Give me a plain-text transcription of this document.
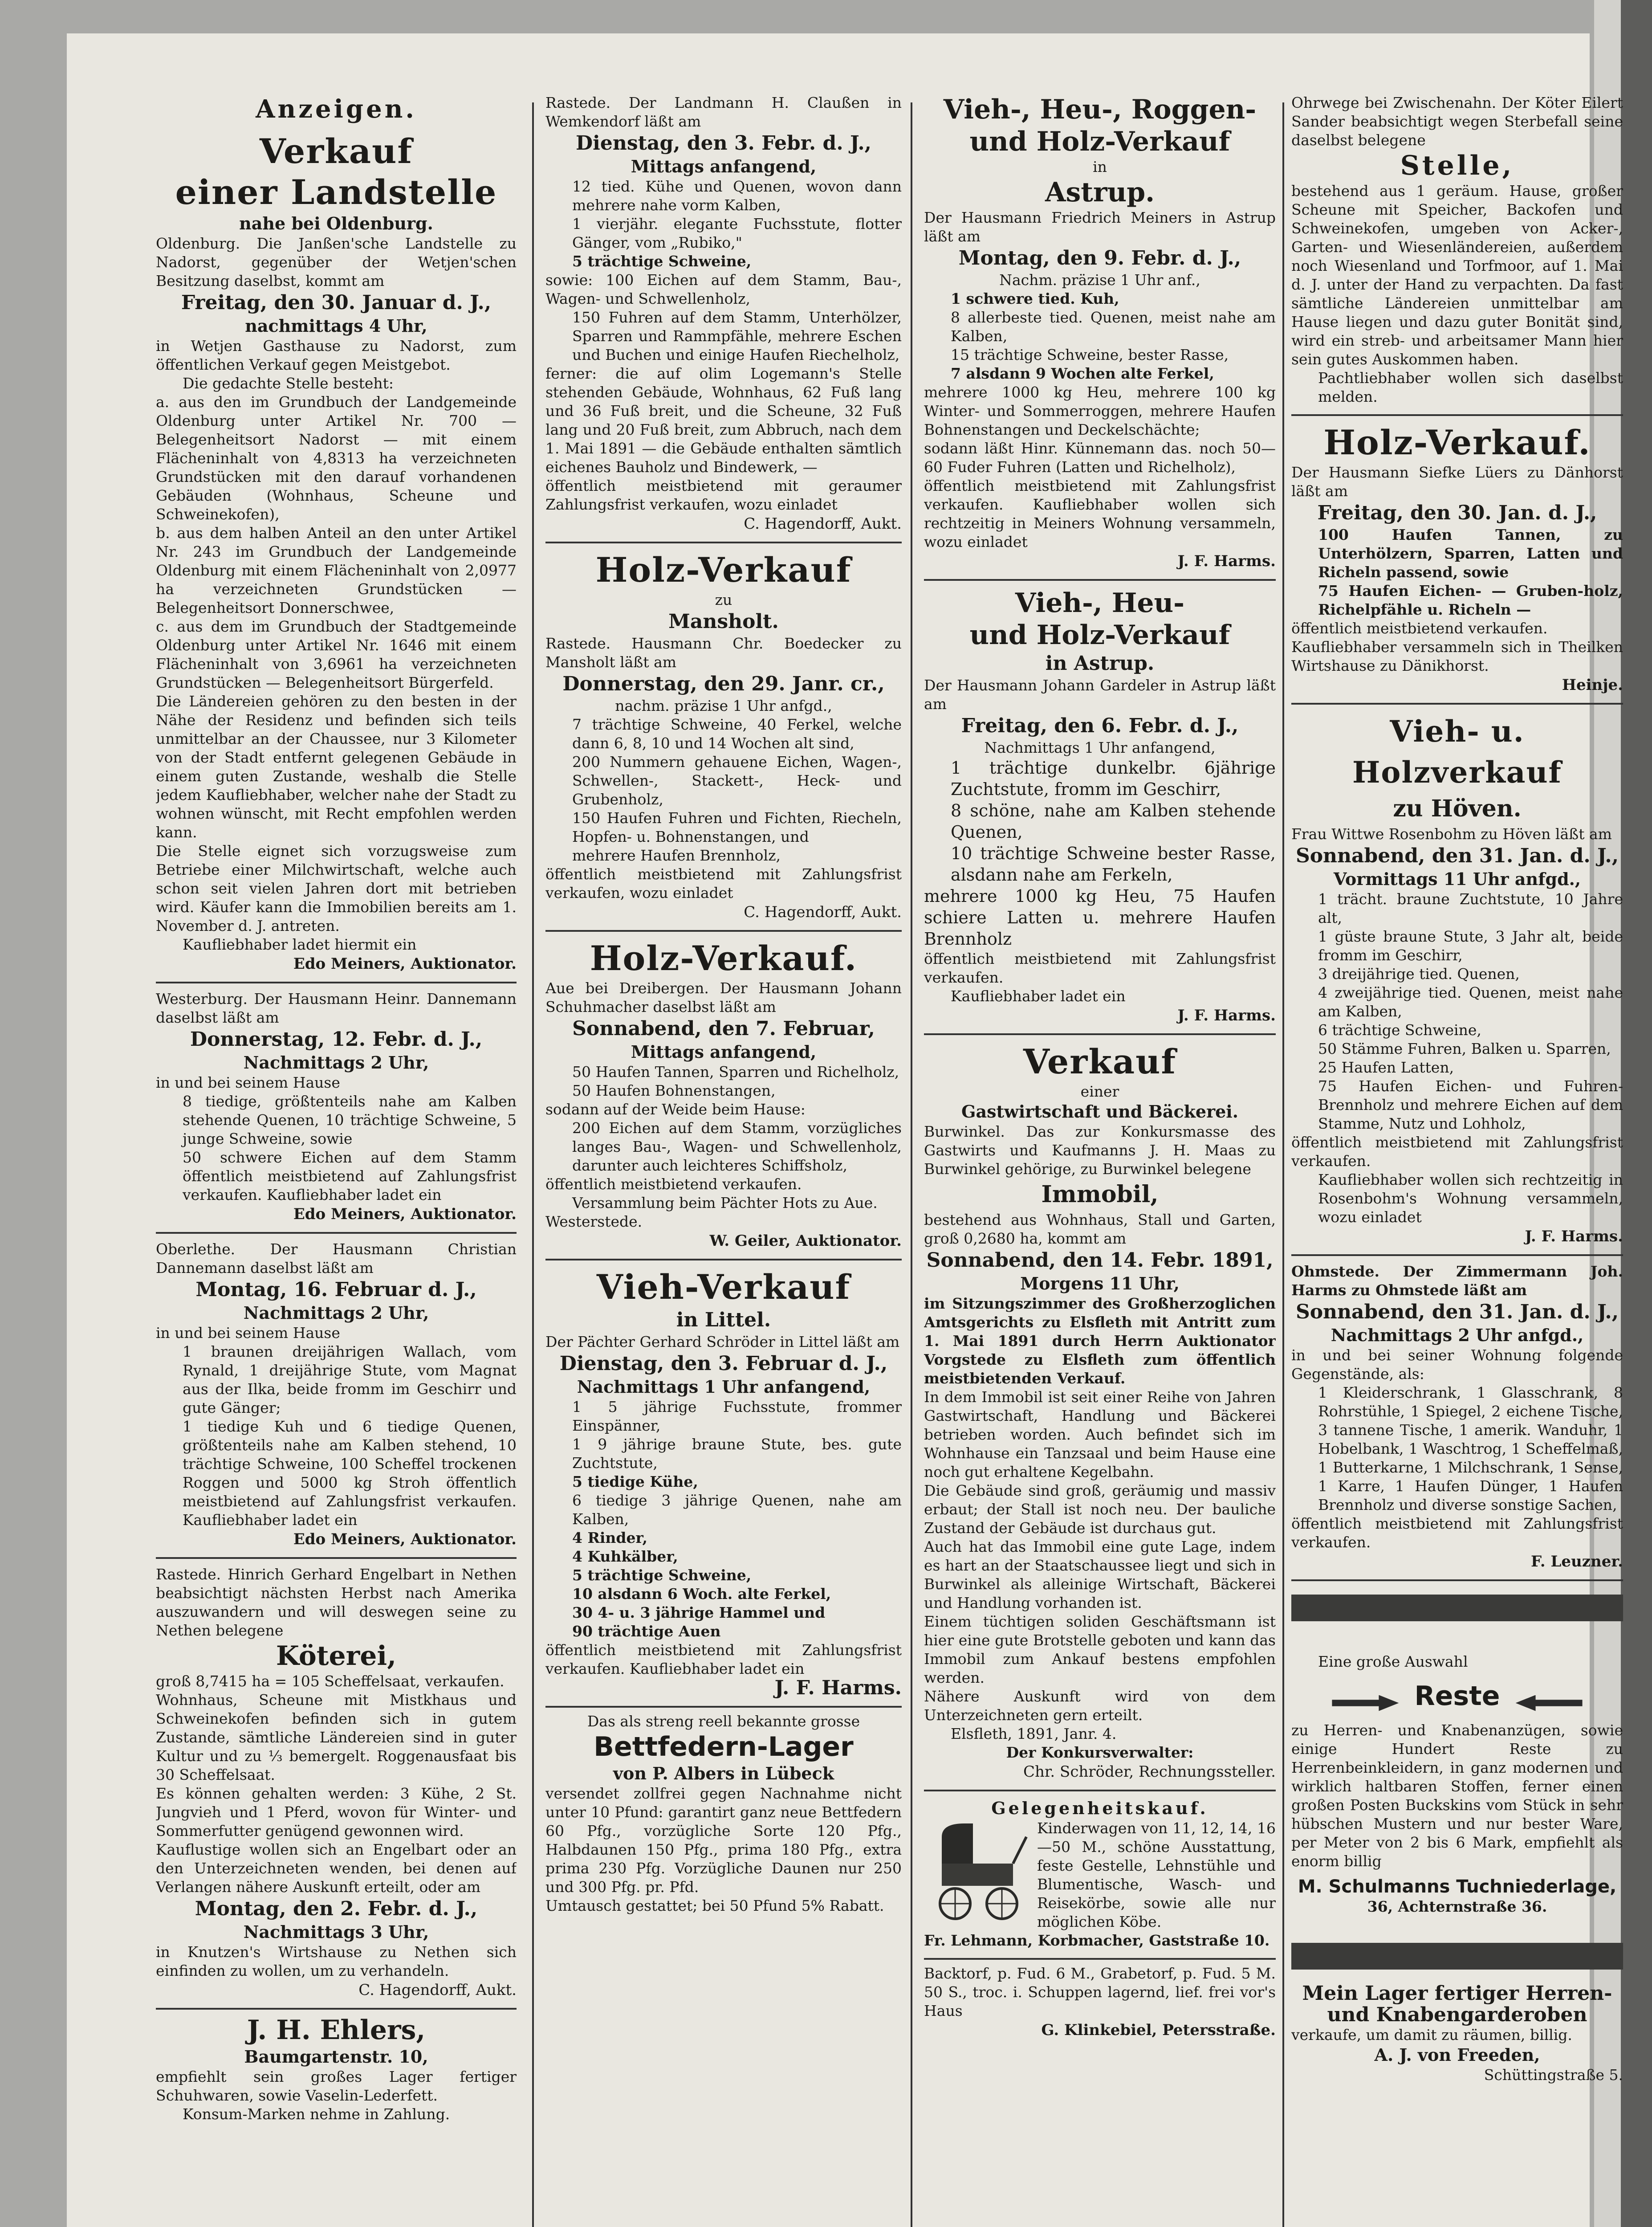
Anzeigen.
Verkauf
einer Landstelle
nahe bei Oldenburg.
Oldenburg. Die Janßen'sche Landstelle zu Nadorst, gegenüber der Wetjen'schen Besitzung daselbst, kommt am
Freitag, den 30. Januar d. J.,
nachmittags 4 Uhr,
in Wetjen Gasthause zu Nadorst, zum öffentlichen Verkauf gegen Meistgebot.
Die gedachte Stelle besteht:
a. aus den im Grundbuch der Landgemeinde Oldenburg unter Artikel Nr. 700 — Belegenheitsort Nadorst — mit einem Flächeninhalt von 4,8313 ha verzeichneten Grundstücken mit den darauf vorhandenen Gebäuden (Wohnhaus, Scheune und Schweinekofen),
b. aus dem halben Anteil an den unter Artikel Nr. 243 im Grundbuch der Landgemeinde Oldenburg mit einem Flächeninhalt von 2,0977 ha verzeichneten Grundstücken — Belegenheitsort Donnerschwee,
c. aus dem im Grundbuch der Stadtgemeinde Oldenburg unter Artikel Nr. 1646 mit einem Flächeninhalt von 3,6961 ha verzeichneten Grundstücken — Belegenheitsort Bürgerfeld.
Die Ländereien gehören zu den besten in der Nähe der Residenz und befinden sich teils unmittelbar an der Chaussee, nur 3 Kilometer von der Stadt entfernt gelegenen Gebäude in einem guten Zustande, weshalb die Stelle jedem Kaufliebhaber, welcher nahe der Stadt zu wohnen wünscht, mit Recht empfohlen werden kann.
Die Stelle eignet sich vorzugsweise zum Betriebe einer Milchwirtschaft, welche auch schon seit vielen Jahren dort mit betrieben wird. Käufer kann die Immobilien bereits am 1. November d. J. antreten.
Kaufliebhaber ladet hiermit ein
Edo Meiners, Auktionator.
Westerburg. Der Hausmann Heinr. Dannemann daselbst läßt am
Donnerstag, 12. Febr. d. J.,
Nachmittags 2 Uhr,
in und bei seinem Hause
8 tiedige, größtenteils nahe am Kalben stehende Quenen, 10 trächtige Schweine, 5 junge Schweine, sowie
50 schwere Eichen auf dem Stamm öffentlich meistbietend auf Zahlungsfrist verkaufen. Kaufliebhaber ladet ein
Edo Meiners, Auktionator.
Oberlethe. Der Hausmann Christian Dannemann daselbst läßt am
Montag, 16. Februar d. J.,
Nachmittags 2 Uhr,
in und bei seinem Hause
1 braunen dreijährigen Wallach, vom Rynald, 1 dreijährige Stute, vom Magnat aus der Ilka, beide fromm im Geschirr und gute Gänger;
1 tiedige Kuh und 6 tiedige Quenen, größtenteils nahe am Kalben stehend, 10 trächtige Schweine, 100 Scheffel trockenen Roggen und 5000 kg Stroh öffentlich meistbietend auf Zahlungsfrist verkaufen. Kaufliebhaber ladet ein
Edo Meiners, Auktionator.
Rastede. Hinrich Gerhard Engelbart in Nethen beabsichtigt nächsten Herbst nach Amerika auszuwandern und will deswegen seine zu Nethen belegene
Köterei,
groß 8,7415 ha = 105 Scheffelsaat, verkaufen.
Wohnhaus, Scheune mit Mistkhaus und Schweinekofen befinden sich in gutem Zustande, sämtliche Ländereien sind in guter Kultur und zu ⅓ bemergelt. Roggenausfaat bis 30 Scheffelsaat.
Es können gehalten werden: 3 Kühe, 2 St. Jungvieh und 1 Pferd, wovon für Winter- und Sommerfutter genügend gewonnen wird.
Kauflustige wollen sich an Engelbart oder an den Unterzeichneten wenden, bei denen auf Verlangen nähere Auskunft erteilt, oder am
Montag, den 2. Febr. d. J.,
Nachmittags 3 Uhr,
in Knutzen's Wirtshause zu Nethen sich einfinden zu wollen, um zu verhandeln.
C. Hagendorff, Aukt.
J. H. Ehlers,
Baumgartenstr. 10,
empfiehlt sein großes Lager fertiger Schuhwaren, sowie Vaselin-Lederfett.
Konsum-Marken nehme in Zahlung.
Rastede. Der Landmann H. Claußen in Wemkendorf läßt am
Dienstag, den 3. Febr. d. J.,
Mittags anfangend,
12 tied. Kühe und Quenen, wovon dann mehrere nahe vorm Kalben,
1 vierjähr. elegante Fuchsstute, flotter Gänger, vom „Rubiko,"
5 trächtige Schweine,
sowie: 100 Eichen auf dem Stamm, Bau-, Wagen- und Schwellenholz,
150 Fuhren auf dem Stamm, Unterhölzer, Sparren und Rammpfähle, mehrere Eschen und Buchen und einige Haufen Riechelholz,
ferner: die auf olim Logemann's Stelle stehenden Gebäude, Wohnhaus, 62 Fuß lang und 36 Fuß breit, und die Scheune, 32 Fuß lang und 20 Fuß breit, zum Abbruch, nach dem 1. Mai 1891 — die Gebäude enthalten sämtlich eichenes Bauholz und Bindewerk, —
öffentlich meistbietend mit geraumer Zahlungsfrist verkaufen, wozu einladet
C. Hagendorff, Aukt.
Holz-Verkauf
zu
Mansholt.
Rastede. Hausmann Chr. Boedecker zu Mansholt läßt am
Donnerstag, den 29. Janr. cr.,
nachm. präzise 1 Uhr anfgd.,
7 trächtige Schweine, 40 Ferkel, welche dann 6, 8, 10 und 14 Wochen alt sind,
200 Nummern gehauene Eichen, Wagen-, Schwellen-, Stackett-, Heck- und Grubenholz,
150 Haufen Fuhren und Fichten, Riecheln, Hopfen- u. Bohnenstangen, und
mehrere Haufen Brennholz,
öffentlich meistbietend mit Zahlungsfrist verkaufen, wozu einladet
C. Hagendorff, Aukt.
Holz-Verkauf.
Aue bei Dreibergen. Der Hausmann Johann Schuhmacher daselbst läßt am
Sonnabend, den 7. Februar,
Mittags anfangend,
50 Haufen Tannen, Sparren und Richelholz,
50 Haufen Bohnenstangen,
sodann auf der Weide beim Hause:
200 Eichen auf dem Stamm, vorzügliches langes Bau-, Wagen- und Schwellenholz, darunter auch leichteres Schiffsholz,
öffentlich meistbietend verkaufen.
Versammlung beim Pächter Hots zu Aue.
Westerstede.
W. Geiler, Auktionator.
Vieh-Verkauf
in Littel.
Der Pächter Gerhard Schröder in Littel läßt am
Dienstag, den 3. Februar d. J.,
Nachmittags 1 Uhr anfangend,
1 5 jährige Fuchsstute, frommer Einspänner,
1 9 jährige braune Stute, bes. gute Zuchtstute,
5 tiedige Kühe,
6 tiedige 3 jährige Quenen, nahe am Kalben,
4 Rinder,
4 Kuhkälber,
5 trächtige Schweine,
10 alsdann 6 Woch. alte Ferkel,
30 4- u. 3 jährige Hammel und
90 trächtige Auen
öffentlich meistbietend mit Zahlungsfrist verkaufen. Kaufliebhaber ladet ein
J. F. Harms.
Das als streng reell bekannte grosse
Bettfedern-Lager
von P. Albers in Lübeck
versendet zollfrei gegen Nachnahme nicht unter 10 Pfund: garantirt ganz neue Bettfedern 60 Pfg., vorzügliche Sorte 120 Pfg., Halbdaunen 150 Pfg., prima 180 Pfg., extra prima 230 Pfg. Vorzügliche Daunen nur 250 und 300 Pfg. pr. Pfd.
Umtausch gestattet; bei 50 Pfund 5% Rabatt.
Vieh-, Heu-, Roggen-
und Holz-Verkauf
in
Astrup.
Der Hausmann Friedrich Meiners in Astrup läßt am
Montag, den 9. Febr. d. J.,
Nachm. präzise 1 Uhr anf.,
1 schwere tied. Kuh,
8 allerbeste tied. Quenen, meist nahe am Kalben,
15 trächtige Schweine, bester Rasse,
7 alsdann 9 Wochen alte Ferkel,
mehrere 1000 kg Heu, mehrere 100 kg Winter- und Sommerroggen, mehrere Haufen Bohnenstangen und Deckelschächte;
sodann läßt Hinr. Künnemann das. noch 50—60 Fuder Fuhren (Latten und Richelholz),
öffentlich meistbietend mit Zahlungsfrist verkaufen. Kaufliebhaber wollen sich rechtzeitig in Meiners Wohnung versammeln, wozu einladet
J. F. Harms.
Vieh-, Heu-
und Holz-Verkauf
in Astrup.
Der Hausmann Johann Gardeler in Astrup läßt am
Freitag, den 6. Febr. d. J.,
Nachmittags 1 Uhr anfangend,
1 trächtige dunkelbr. 6jährige Zuchtstute, fromm im Geschirr,
8 schöne, nahe am Kalben stehende Quenen,
10 trächtige Schweine bester Rasse, alsdann nahe am Ferkeln,
mehrere 1000 kg Heu, 75 Haufen schiere Latten u. mehrere Haufen Brennholz
öffentlich meistbietend mit Zahlungsfrist verkaufen.
Kaufliebhaber ladet ein
J. F. Harms.
Verkauf
einer
Gastwirtschaft und Bäckerei.
Burwinkel. Das zur Konkursmasse des Gastwirts und Kaufmanns J. H. Maas zu Burwinkel gehörige, zu Burwinkel belegene
Immobil,
bestehend aus Wohnhaus, Stall und Garten, groß 0,2680 ha, kommt am
Sonnabend, den 14. Febr. 1891,
Morgens 11 Uhr,
im Sitzungszimmer des Großherzoglichen Amtsgerichts zu Elsfleth mit Antritt zum 1. Mai 1891 durch Herrn Auktionator Vorgstede zu Elsfleth zum öffentlich meistbietenden Verkauf.
In dem Immobil ist seit einer Reihe von Jahren Gastwirtschaft, Handlung und Bäckerei betrieben worden. Auch befindet sich im Wohnhause ein Tanzsaal und beim Hause eine noch gut erhaltene Kegelbahn.
Die Gebäude sind groß, geräumig und massiv erbaut; der Stall ist noch neu. Der bauliche Zustand der Gebäude ist durchaus gut.
Auch hat das Immobil eine gute Lage, indem es hart an der Staatschaussee liegt und sich in Burwinkel als alleinige Wirtschaft, Bäckerei und Handlung vorhanden ist.
Einem tüchtigen soliden Geschäftsmann ist hier eine gute Brotstelle geboten und kann das Immobil zum Ankauf bestens empfohlen werden.
Nähere Auskunft wird von dem Unterzeichneten gern erteilt.
Elsfleth, 1891, Janr. 4.
Der Konkursverwalter:
Chr. Schröder, Rechnungssteller.
Gelegenheitskauf.
Kinderwagen von 11, 12, 14, 16—50 M., schöne Ausstattung, feste Gestelle, Lehnstühle und Blumentische, Wasch- und Reisekörbe, sowie alle nur möglichen Köbe.
Fr. Lehmann, Korbmacher, Gaststraße 10.
Backtorf, p. Fud. 6 M., Grabetorf, p. Fud. 5 M. 50 S., troc. i. Schuppen lagernd, lief. frei vor's Haus
G. Klinkebiel, Petersstraße.
Ohrwege bei Zwischenahn. Der Köter Eilert Sander beabsichtigt wegen Sterbefall seine daselbst belegene
Stelle,
bestehend aus 1 geräum. Hause, großer Scheune mit Speicher, Backofen und Schweinekofen, umgeben von Acker-, Garten- und Wiesenländereien, außerdem noch Wiesenland und Torfmoor, auf 1. Mai d. J. unter der Hand zu verpachten. Da fast sämtliche Ländereien unmittelbar am Hause liegen und dazu guter Bonität sind, wird ein streb- und arbeitsamer Mann hier sein gutes Auskommen haben.
Pachtliebhaber wollen sich daselbst melden.
Holz-Verkauf.
Der Hausmann Siefke Lüers zu Dänhorst läßt am
Freitag, den 30. Jan. d. J.,
100 Haufen Tannen, zu Unterhölzern, Sparren, Latten und Richeln passend, sowie
75 Haufen Eichen- — Gruben-holz, Richelpfähle u. Richeln —
öffentlich meistbietend verkaufen.
Kaufliebhaber versammeln sich in Theilken Wirtshause zu Dänikhorst.
Heinje.
Vieh- u. Holzverkauf
zu Höven.
Frau Wittwe Rosenbohm zu Höven läßt am
Sonnabend, den 31. Jan. d. J.,
Vormittags 11 Uhr anfgd.,
1 trächt. braune Zuchtstute, 10 Jahre alt,
1 güste braune Stute, 3 Jahr alt, beide fromm im Geschirr,
3 dreijährige tied. Quenen,
4 zweijährige tied. Quenen, meist nahe am Kalben,
6 trächtige Schweine,
50 Stämme Fuhren, Balken u. Sparren,
25 Haufen Latten,
75 Haufen Eichen- und Fuhren-Brennholz und mehrere Eichen auf dem Stamme, Nutz und Lohholz,
öffentlich meistbietend mit Zahlungsfrist verkaufen.
Kaufliebhaber wollen sich rechtzeitig in Rosenbohm's Wohnung versammeln, wozu einladet
J. F. Harms.
Ohmstede. Der Zimmermann Joh. Harms zu Ohmstede läßt am
Sonnabend, den 31. Jan. d. J.,
Nachmittags 2 Uhr anfgd.,
in und bei seiner Wohnung folgende Gegenstände, als:
1 Kleiderschrank, 1 Glasschrank, 8 Rohrstühle, 1 Spiegel, 2 eichene Tische, 3 tannene Tische, 1 amerik. Wanduhr, 1 Hobelbank, 1 Waschtrog, 1 Scheffelmaß, 1 Butterkarne, 1 Milchschrank, 1 Sense, 1 Karre, 1 Haufen Dünger, 1 Haufen Brennholz und diverse sonstige Sachen,
öffentlich meistbietend mit Zahlungsfrist verkaufen.
F. Leuzner.
Eine große Auswahl
Reste
zu Herren- und Knabenanzügen, sowie einige Hundert Reste zu Herrenbeinkleidern, in ganz modernen und wirklich haltbaren Stoffen, ferner einen großen Posten Buckskins vom Stück in sehr hübschen Mustern und nur bester Ware, per Meter von 2 bis 6 Mark, empfiehlt als enorm billig
M. Schulmanns Tuchniederlage,
36, Achternstraße 36.
Mein Lager fertiger Herren-
und Knabengarderoben
verkaufe, um damit zu räumen, billig.
A. J. von Freeden,
Schüttingstraße 5.
